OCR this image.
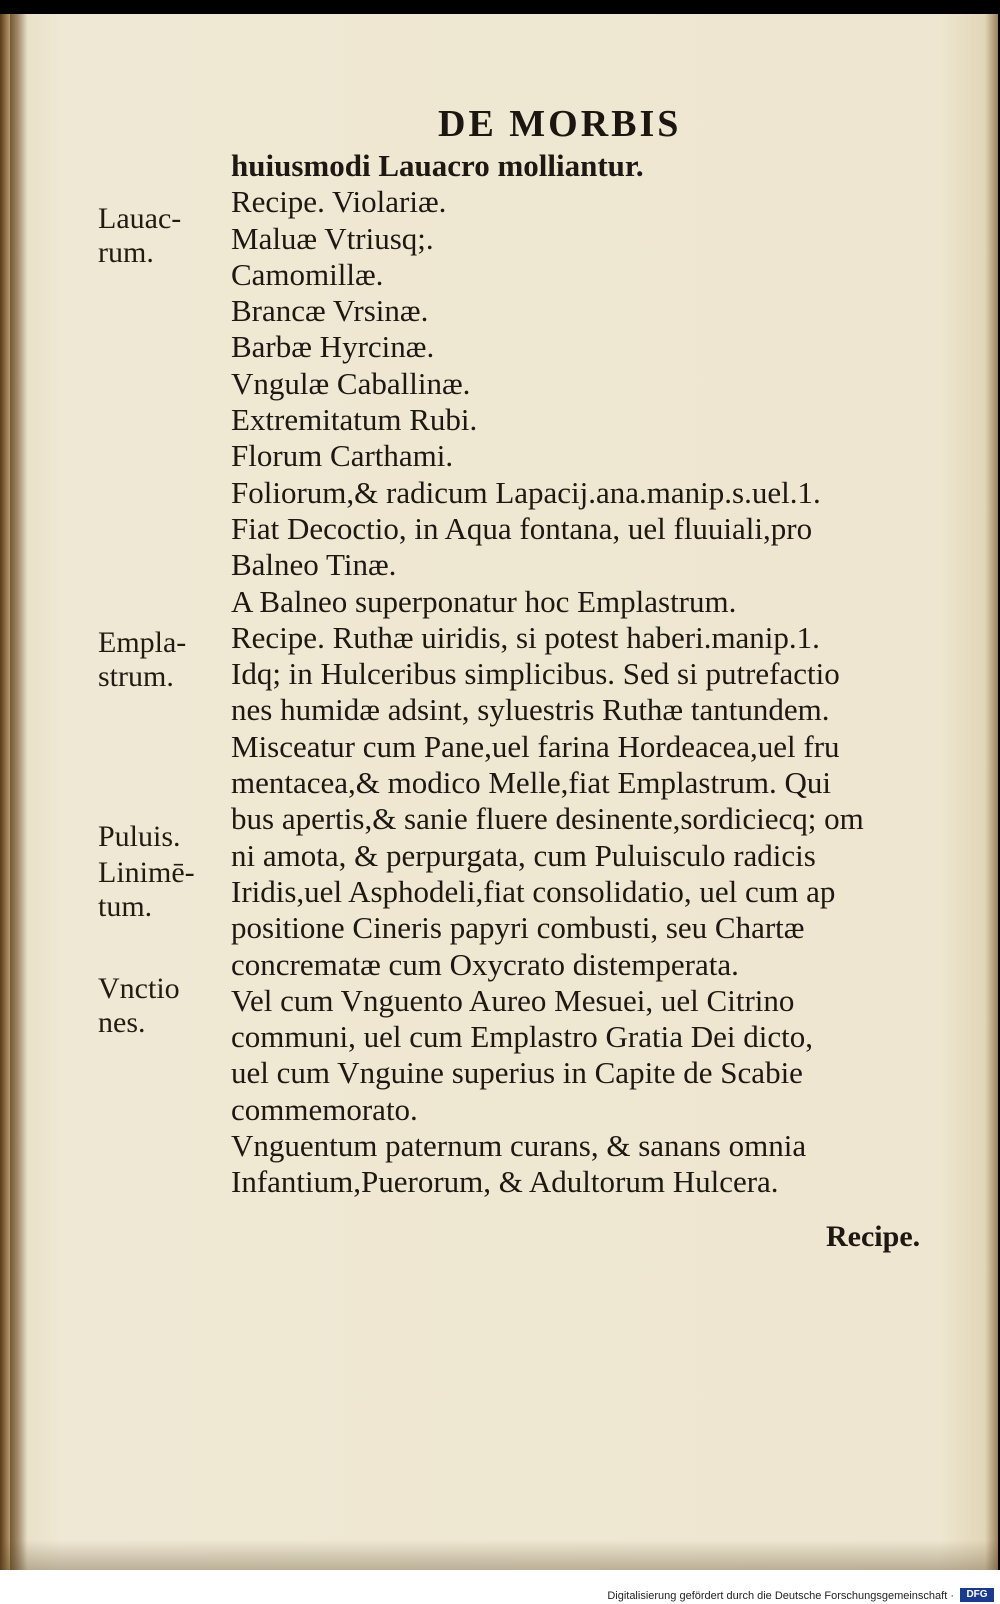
DE MORBIS
Lauac-
rum.
Empla-
strum.
Puluis.
Linimē-
tum.
Vnctio
nes.
huiusmodi Lauacro molliantur.
Recipe. Violariæ.
Maluæ Vtriusq;.
Camomillæ.
Brancæ Vrsinæ.
Barbæ Hyrcinæ.
Vngulæ Caballinæ.
Extremitatum Rubi.
Florum Carthami.
Foliorum,& radicum Lapacij.ana.manip.s.uel.1.
Fiat Decoctio, in Aqua fontana, uel fluuiali,pro
Balneo Tinæ.
A Balneo superponatur hoc Emplastrum.
Recipe. Ruthæ uiridis, si potest haberi.manip.1.
Idq; in Hulceribus simplicibus. Sed si putrefactio
nes humidæ adsint, syluestris Ruthæ tantundem.
Misceatur cum Pane,uel farina Hordeacea,uel fru
mentacea,& modico Melle,fiat Emplastrum. Qui
bus apertis,& sanie fluere desinente,sordiciecq; om
ni amota, & perpurgata, cum Puluisculo radicis
Iridis,uel Asphodeli,fiat consolidatio, uel cum ap
positione Cineris papyri combusti, seu Chartæ
concrematæ cum Oxycrato distemperata.
Vel cum Vnguento Aureo Mesuei, uel Citrino
communi, uel cum Emplastro Gratia Dei dicto,
uel cum Vnguine superius in Capite de Scabie
commemorato.
Vnguentum paternum curans, & sanans omnia
Infantium,Puerorum, & Adultorum Hulcera.
Recipe.
Digitalisierung gefördert durch die Deutsche Forschungsgemeinschaft ·	DFG
